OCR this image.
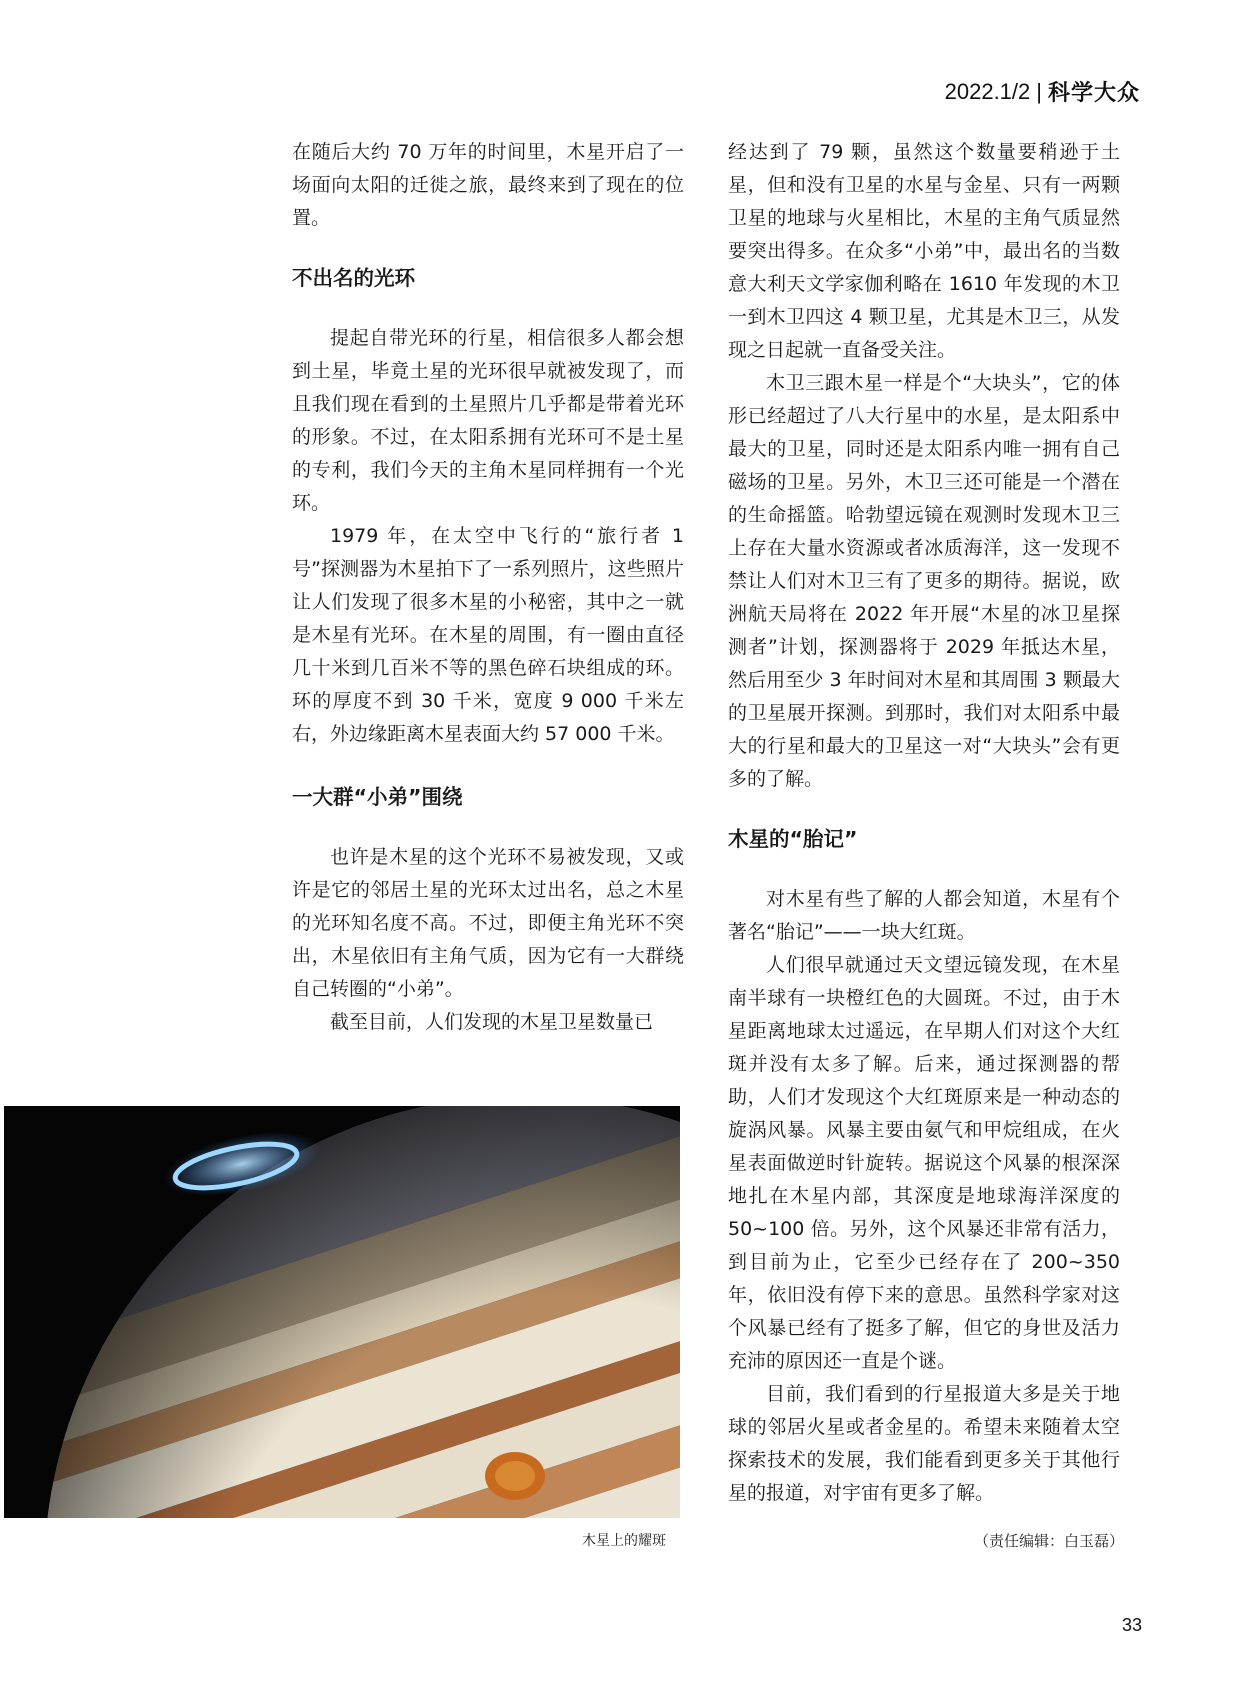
2022.1/2 | 科学大众

在随后大约 70 万年的时间里，木星开启了一场面向太阳的迁徙之旅，最终来到了现在的位置。

不出名的光环

提起自带光环的行星，相信很多人都会想到土星，毕竟土星的光环很早就被发现了，而且我们现在看到的土星照片几乎都是带着光环的形象。不过，在太阳系拥有光环可不是土星的专利，我们今天的主角木星同样拥有一个光环。

1979 年，在太空中飞行的“旅行者 1 号”探测器为木星拍下了一系列照片，这些照片让人们发现了很多木星的小秘密，其中之一就是木星有光环。在木星的周围，有一圈由直径几十米到几百米不等的黑色碎石块组成的环。环的厚度不到 30 千米，宽度 9 000 千米左右，外边缘距离木星表面大约 57 000 千米。

一大群“小弟”围绕

也许是木星的这个光环不易被发现，又或许是它的邻居土星的光环太过出名，总之木星的光环知名度不高。不过，即便主角光环不突出，木星依旧有主角气质，因为它有一大群绕自己转圈的“小弟”。

截至目前，人们发现的木星卫星数量已

经达到了 79 颗，虽然这个数量要稍逊于土星，但和没有卫星的水星与金星、只有一两颗卫星的地球与火星相比，木星的主角气质显然要突出得多。在众多“小弟”中，最出名的当数意大利天文学家伽利略在 1610 年发现的木卫一到木卫四这 4 颗卫星，尤其是木卫三，从发现之日起就一直备受关注。

木卫三跟木星一样是个“大块头”，它的体形已经超过了八大行星中的水星，是太阳系中最大的卫星，同时还是太阳系内唯一拥有自己磁场的卫星。另外，木卫三还可能是一个潜在的生命摇篮。哈勃望远镜在观测时发现木卫三上存在大量水资源或者冰质海洋，这一发现不禁让人们对木卫三有了更多的期待。据说，欧洲航天局将在 2022 年开展“木星的冰卫星探测者”计划，探测器将于 2029 年抵达木星，然后用至少 3 年时间对木星和其周围 3 颗最大的卫星展开探测。到那时，我们对太阳系中最大的行星和最大的卫星这一对“大块头”会有更多的了解。

木星的“胎记”

对木星有些了解的人都会知道，木星有个著名“胎记”——一块大红斑。

人们很早就通过天文望远镜发现，在木星南半球有一块橙红色的大圆斑。不过，由于木星距离地球太过遥远，在早期人们对这个大红斑并没有太多了解。后来，通过探测器的帮助，人们才发现这个大红斑原来是一种动态的旋涡风暴。风暴主要由氨气和甲烷组成，在火星表面做逆时针旋转。据说这个风暴的根深深地扎在木星内部，其深度是地球海洋深度的 50~100 倍。另外，这个风暴还非常有活力，到目前为止，它至少已经存在了 200~350 年，依旧没有停下来的意思。虽然科学家对这个风暴已经有了挺多了解，但它的身世及活力充沛的原因还一直是个谜。

目前，我们看到的行星报道大多是关于地球的邻居火星或者金星的。希望未来随着太空探索技术的发展，我们能看到更多关于其他行星的报道，对宇宙有更多了解。

木星上的耀斑	（责任编辑：白玉磊）
33
